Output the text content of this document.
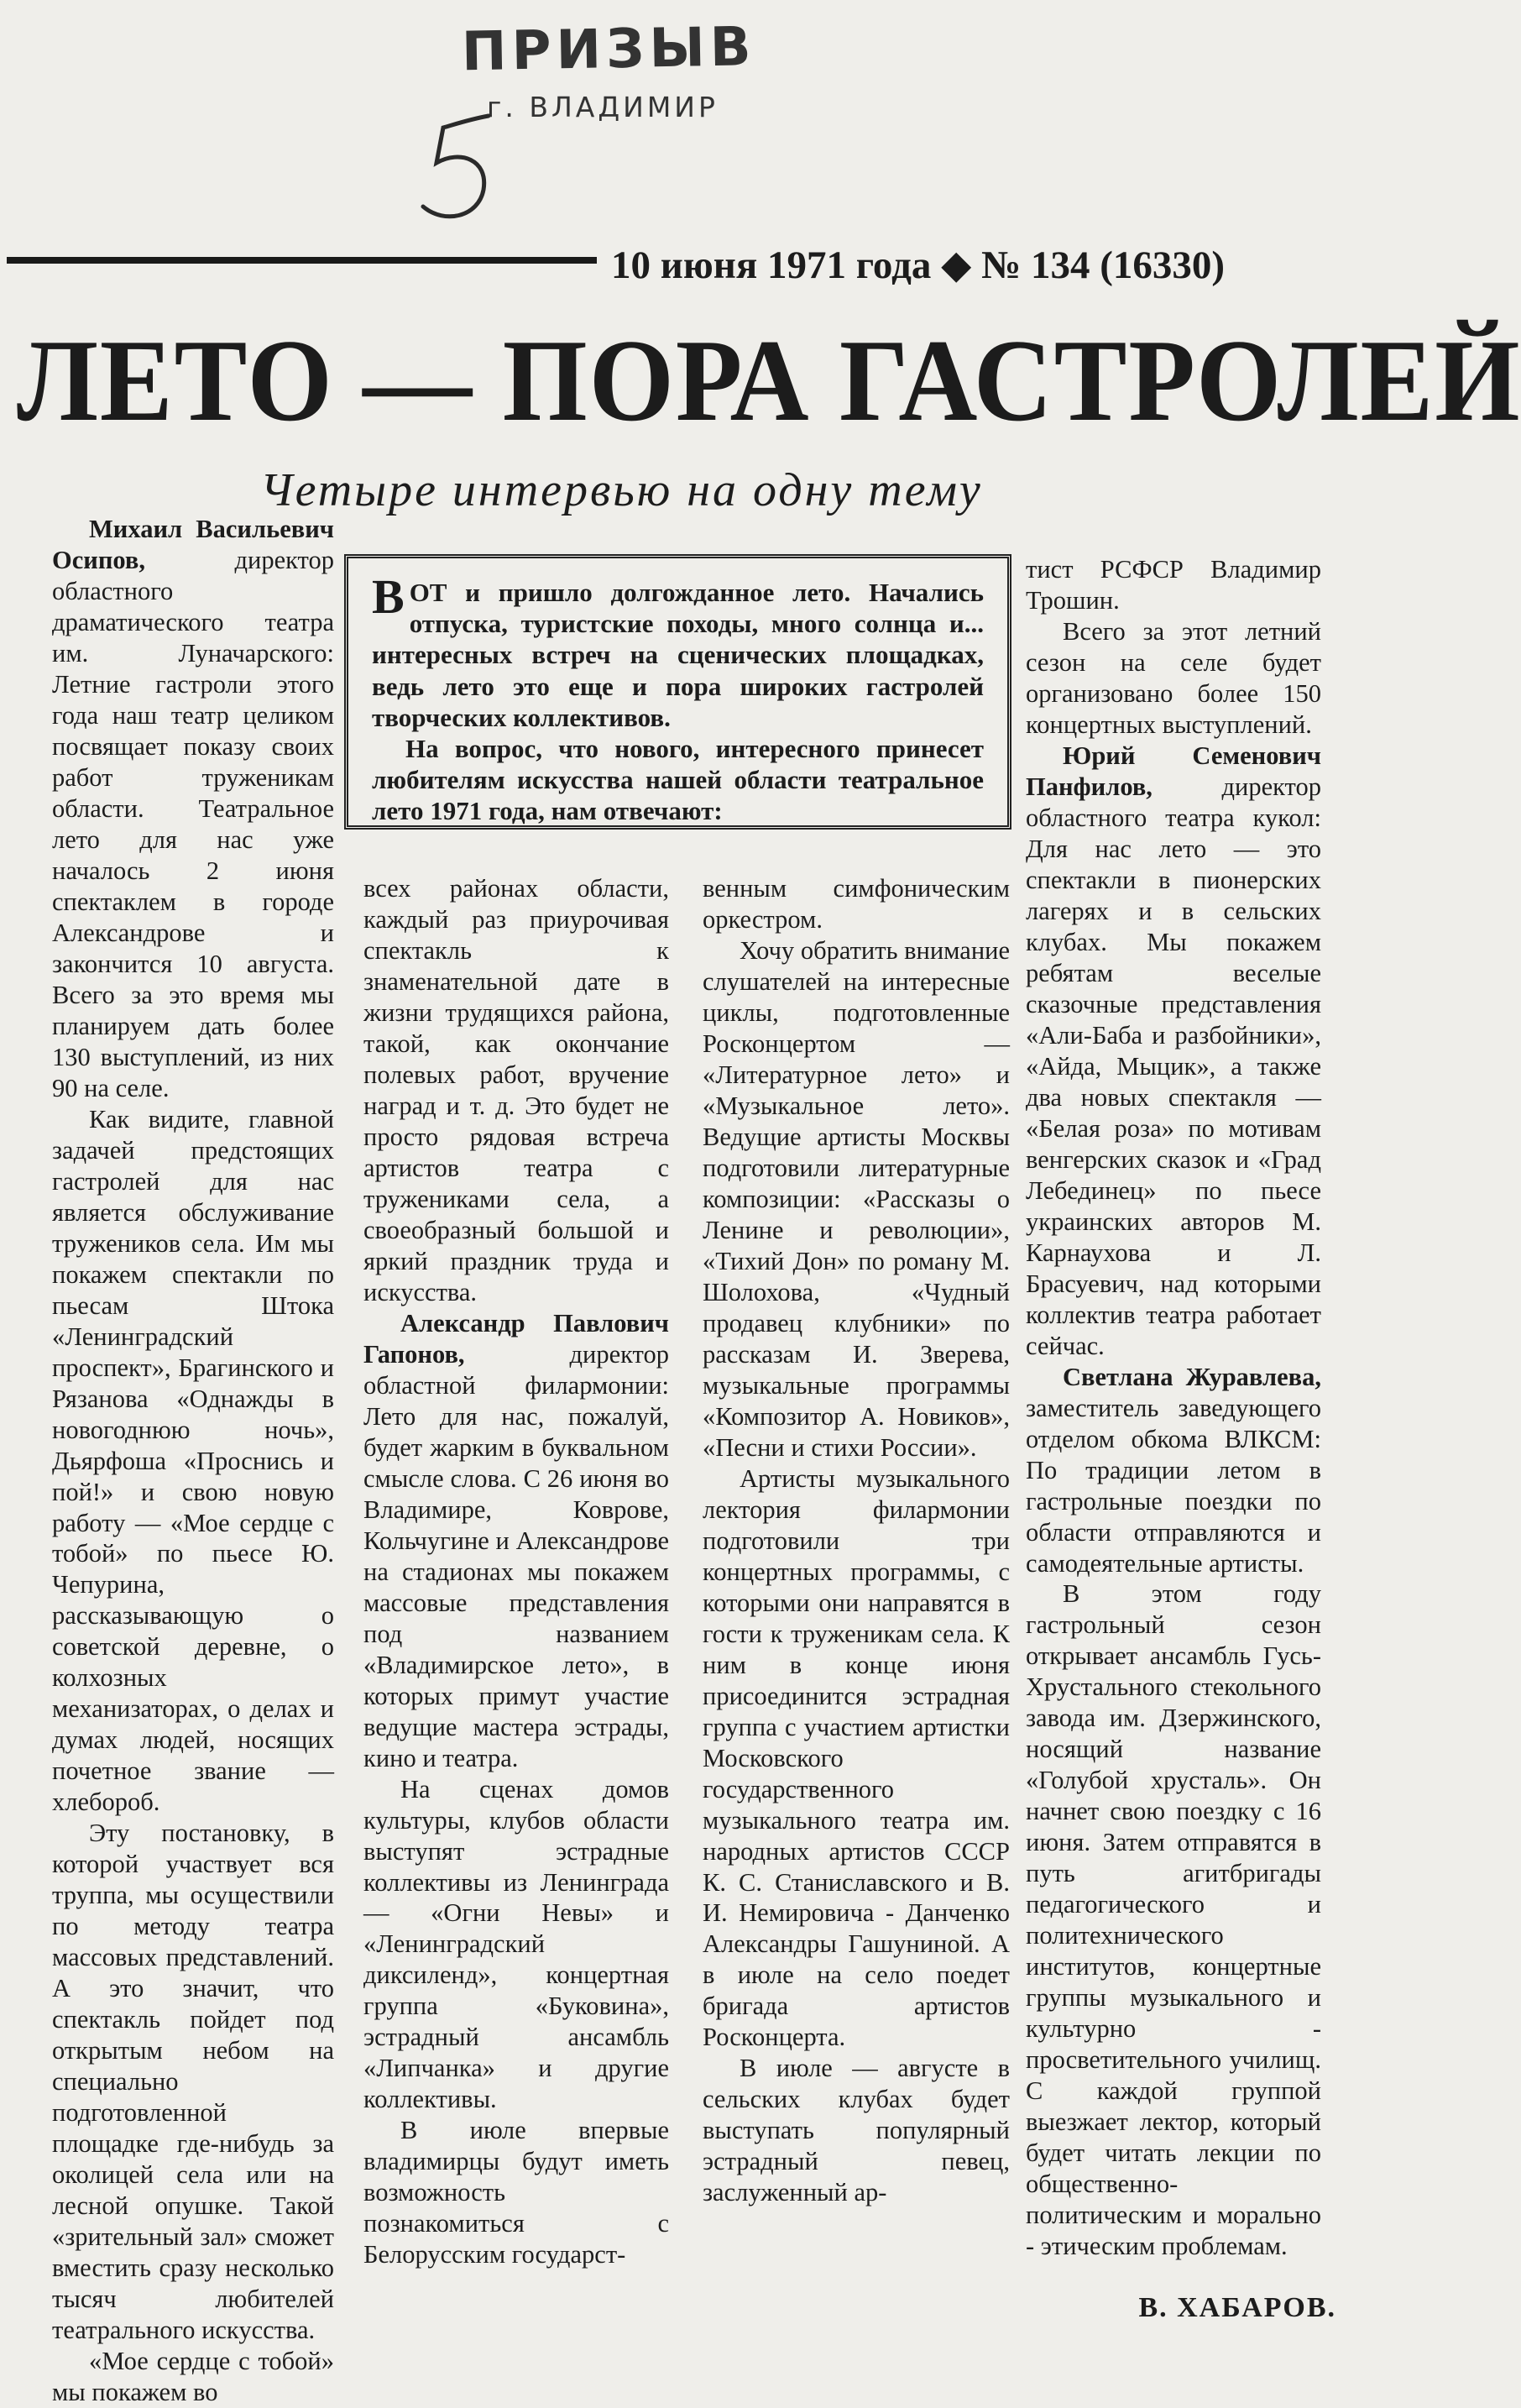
ПРИЗЫВ
г. ВЛАДИМИР
10 июня 1971 года ◆ № 134 (16330)
ЛЕТО — ПОРА ГАСТРОЛЕЙ
Четыре интервью на одну тему

ВОТ и пришло долгожданное лето. Начались отпуска, туристские походы, много солнца и... интересных встреч на сценических площадках, ведь лето это еще и пора широких гастролей творческих коллективов.

На вопрос, что нового, интересного принесет любителям искусства нашей области театральное лето 1971 года, нам отвечают:

Михаил Васильевич Осипов,	директор областного драматического театра им. Луначарского: Летние гастроли этого года наш театр целиком посвящает показу своих работ труженикам области. Театральное лето для нас уже началось 2 июня спектаклем в городе Александрове и закончится 10 августа. Всего за это время мы планируем дать более 130 выступлений, из них 90 на селе.

Как видите, главной задачей предстоящих гастролей для нас является обслуживание тружеников села. Им мы покажем спектакли по пьесам Штока «Ленинградский проспект», Брагинского и Рязанова «Однажды в новогоднюю ночь», Дьярфоша «Проснись и пой!» и свою новую работу — «Мое сердце с тобой» по пьесе Ю. Чепурина, рассказывающую о советской деревне, о колхозных механизаторах, о делах и думах людей, носящих почетное звание — хлебороб.

Эту постановку, в которой участвует вся труппа, мы осуществили по методу театра массовых представлений. А это значит, что спектакль пойдет под открытым небом на специально подготовленной площадке где-нибудь за околицей села или на лесной опушке. Такой «зрительный зал» сможет вместить сразу несколько тысяч любителей театрального искусства.

«Мое сердце с тобой» мы покажем во

всех районах области, каждый раз приурочивая спектакль к знаменательной дате в жизни трудящихся района, такой, как окончание полевых работ, вручение наград и т. д. Это будет не просто рядовая встреча артистов театра с тружениками села, а своеобразный большой и яркий праздник труда и искусства.

Александр Павлович Гапонов,	директор областной филармонии: Лето для нас, пожалуй, будет жарким в буквальном смысле слова. С 26 июня во Владимире, Коврове, Кольчугине и Александрове на стадионах мы покажем массовые представления под названием «Владимирское лето», в которых примут участие ведущие мастера эстрады, кино и театра.

На сценах домов культуры, клубов области выступят эстрадные коллективы из Ленинграда — «Огни Невы» и «Ленинградский диксиленд», концертная группа «Буковина», эстрадный ансамбль «Липчанка» и другие коллективы.

В июле впервые владимирцы будут иметь возможность познакомиться с Белорусским государст-

венным симфоническим оркестром.

Хочу обратить внимание слушателей на интересные циклы, подготовленные Росконцертом — «Литературное лето» и «Музыкальное лето». Ведущие артисты Москвы подготовили литературные композиции: «Рассказы о Ленине и революции», «Тихий Дон» по роману М. Шолохова, «Чудный продавец клубники» по рассказам И. Зверева, музыкальные программы «Композитор А. Новиков», «Песни и стихи России».

Артисты музыкального лектория филармонии подготовили три концертных программы, с которыми они направятся в гости к труженикам села. К ним в конце июня присоединится эстрадная группа с участием артистки Московского государственного музыкального театра им. народных артистов СССР К. С. Станиславского и В. И. Немировича - Данченко Александры Гашуниной. А в июле на село поедет бригада артистов Росконцерта.

В июле — августе в сельских клубах будет выступать популярный эстрадный певец, заслуженный ар-

тист РСФСР Владимир Трошин.

Всего за этот летний сезон на селе будет организовано более 150 концертных выступлений.

Юрий Семенович Панфилов,	директор областного театра кукол: Для нас лето — это спектакли в пионерских лагерях и в сельских клубах. Мы покажем ребятам веселые сказочные представления «Али-Баба и разбойники», «Айда, Мыцик», а также два новых спектакля — «Белая роза» по мотивам венгерских сказок и «Град Лебединец» по пьесе украинских авторов М. Карнаухова и Л. Брасуевич, над которыми коллектив театра работает сейчас.

Светлана Журавлева, заместитель заведующего отделом обкома ВЛКСМ: По традиции летом в гастрольные поездки по области отправляются и самодеятельные артисты.

В этом году гастрольный сезон открывает ансамбль Гусь-Хрустального стекольного завода им. Дзержинского, носящий название «Голубой хрусталь». Он начнет свою поездку с 16 июня. Затем отправятся в путь агитбригады педагогического и политехнического институтов, концертные группы музыкального и культурно - просветительного училищ. С каждой группой выезжает лектор, который будет читать лекции по общественно-политическим и морально - этическим проблемам.

В. ХАБАРОВ.
